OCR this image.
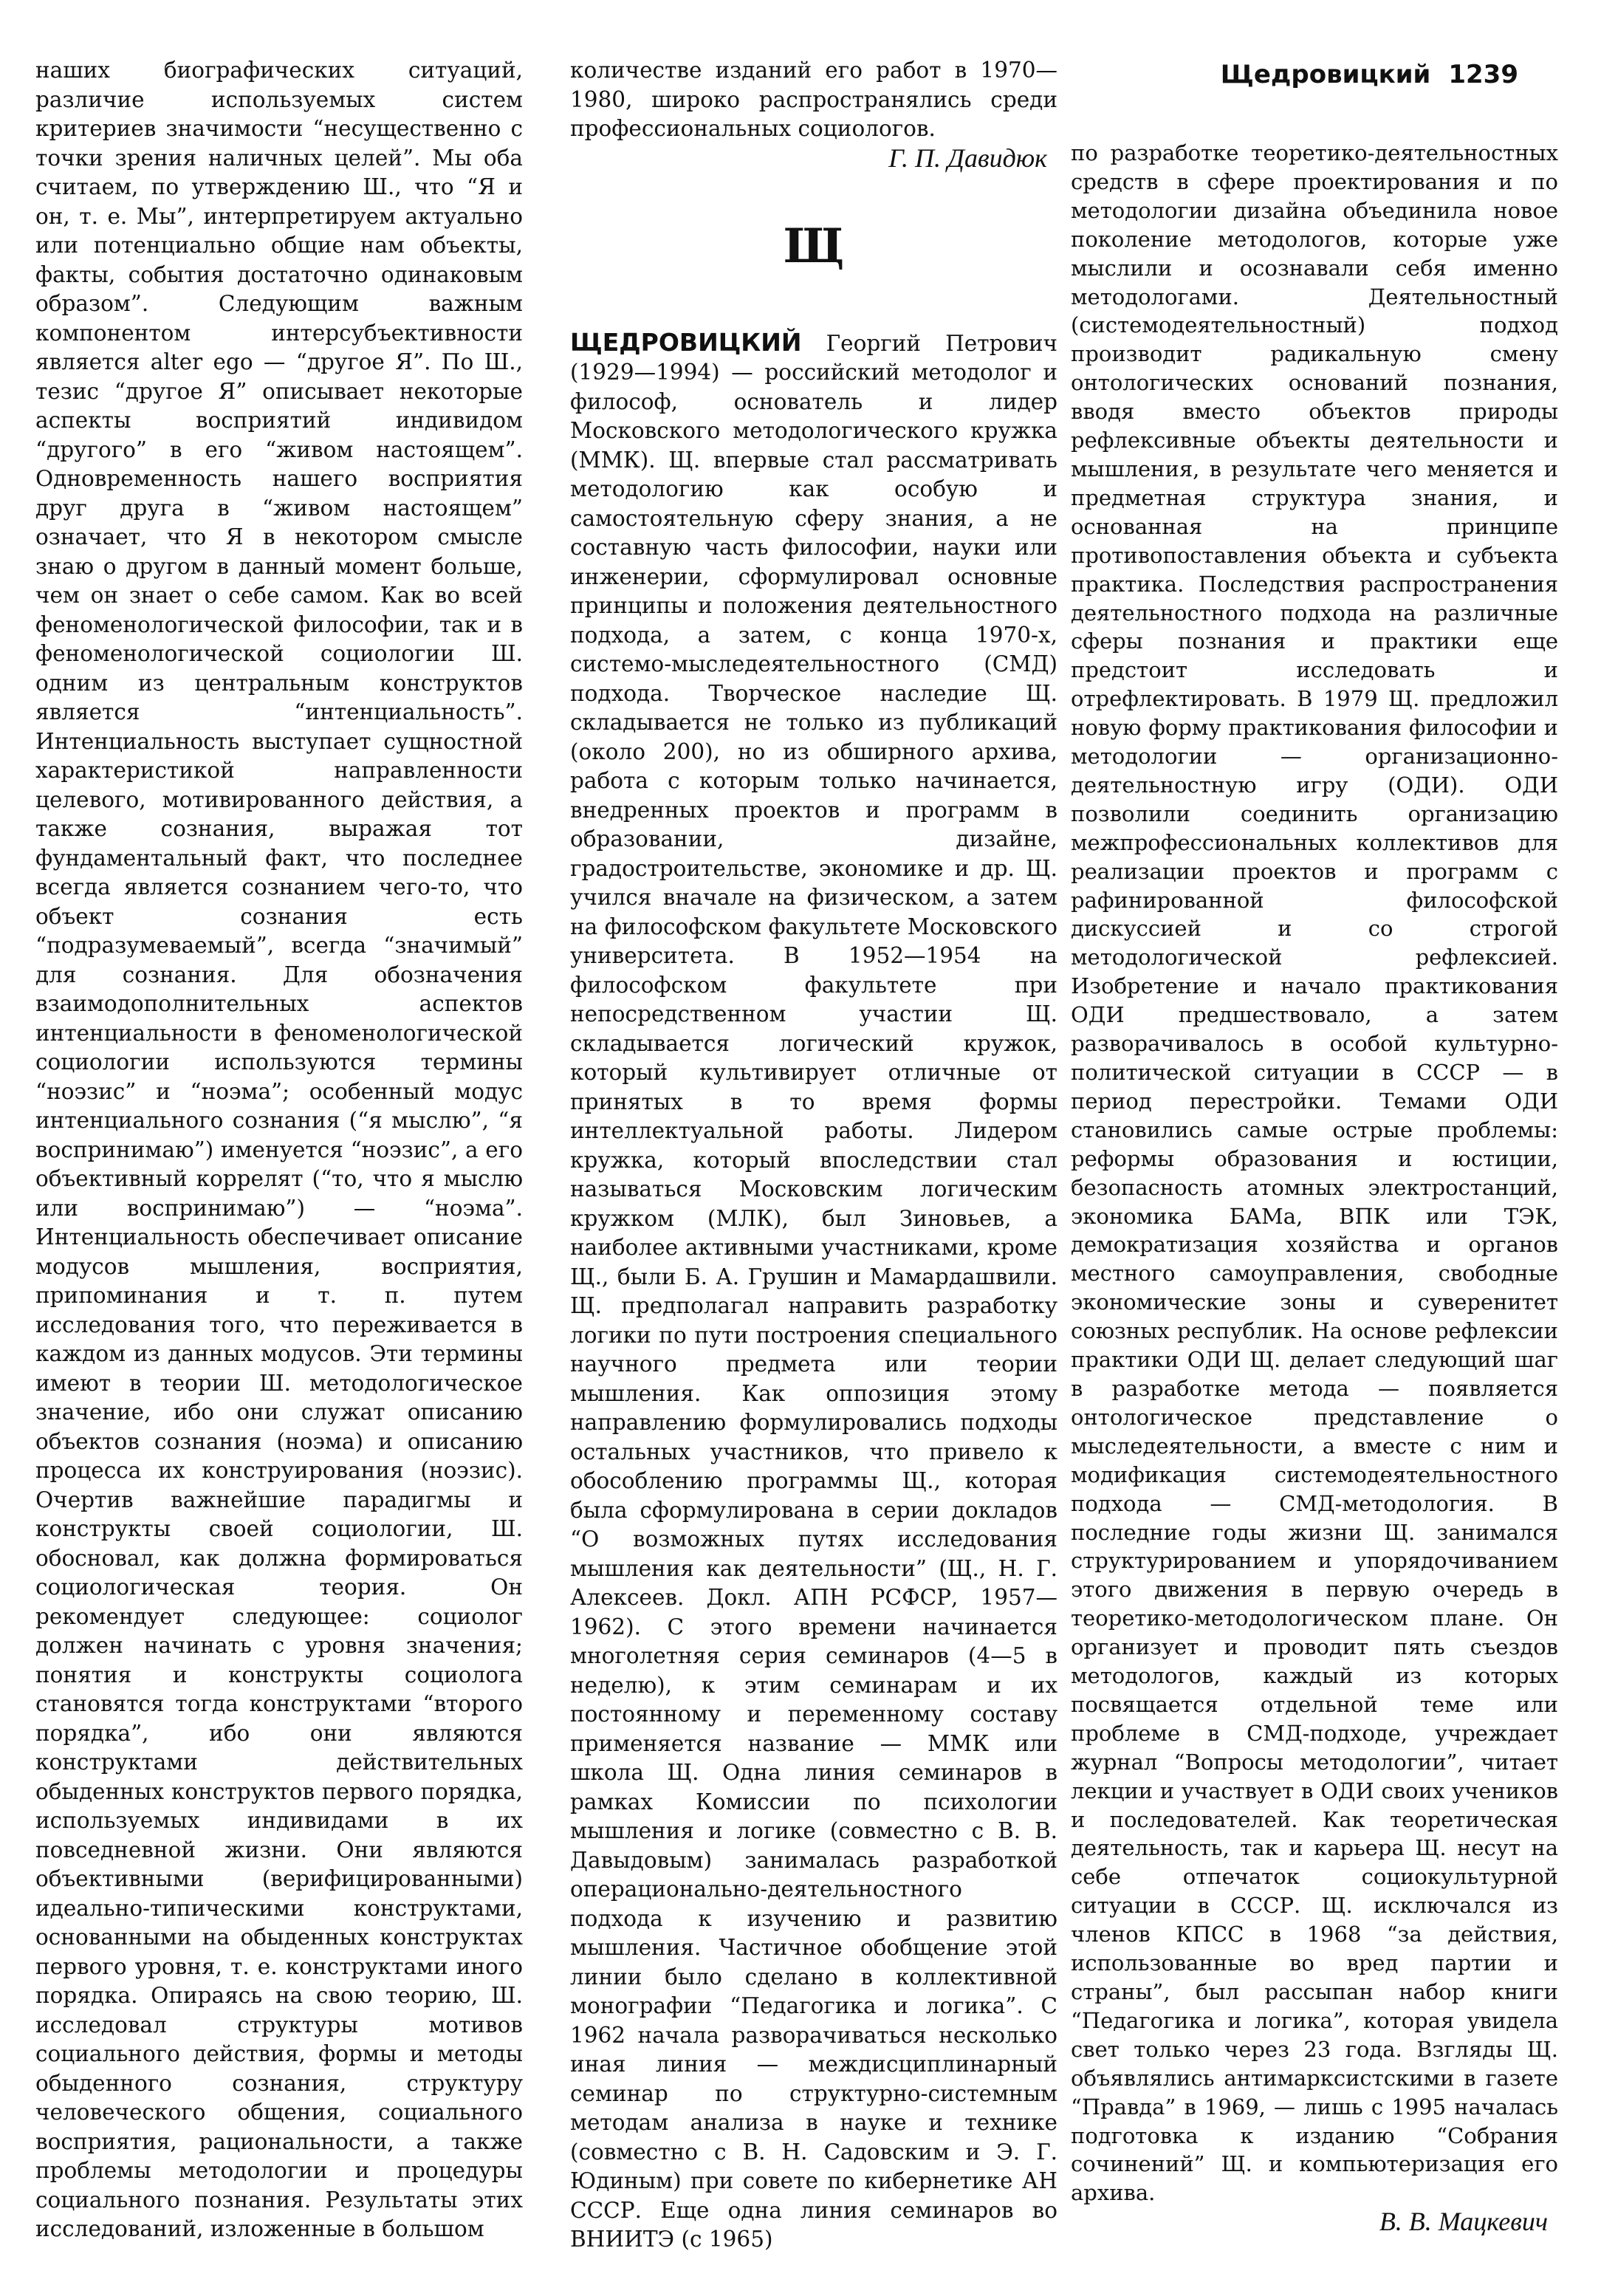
Щедровицкий 1239
наших биографических ситуаций, различие используемых систем критериев значимости “несущественно с точки зрения наличных целей”. Мы оба считаем, по утверждению Ш., что “Я и он, т. е. Мы”, интерпретируем актуально или потенциально общие нам объекты, факты, события достаточно одинаковым образом”. Следующим важным компонентом интерсубъективности является alter ego — “другое Я”. По Ш., тезис “другое Я” описывает некоторые аспекты восприятий индивидом “другого” в его “живом настоящем”. Одновременность нашего восприятия друг друга в “живом настоящем” означает, что Я в некотором смысле знаю о другом в данный момент больше, чем он знает о себе самом. Как во всей феноменологической философии, так и в феноменологической социологии Ш. одним из центральным конструктов является “интенциальность”. Интенциальность выступает сущностной характеристикой направленности целевого, мотивированного действия, а также сознания, выражая тот фундаментальный факт, что последнее всегда является сознанием чего-то, что объект сознания есть “подразумеваемый”, всегда “значимый” для сознания. Для обозначения взаимодополнительных аспектов интенциальности в феноменологической социологии используются термины “ноэзис” и “ноэма”; особенный модус интенциального сознания (“я мыслю”, “я воспринимаю”) именуется “ноэзис”, а его объективный коррелят (“то, что я мыслю или воспринимаю”) — “ноэма”. Интенциальность обеспечивает описание модусов мышления, восприятия, припоминания и т. п. путем исследования того, что переживается в каждом из данных модусов. Эти термины имеют в теории Ш. методологическое значение, ибо они служат описанию объектов сознания (ноэма) и описанию процесса их конструирования (ноэзис). Очертив важнейшие парадигмы и конструкты своей социологии, Ш. обосновал, как должна формироваться социологическая теория. Он рекомендует следующее: социолог должен начинать с уровня значения; понятия и конструкты социолога становятся тогда конструктами “второго порядка”, ибо они являются конструктами действительных обыденных конструктов первого порядка, используемых индивидами в их повседневной жизни. Они являются объективными (верифицированными) идеально-типическими конструктами, основанными на обыденных конструктах первого уровня, т. е. конструктами иного порядка. Опираясь на свою теорию, Ш. исследовал структуры мотивов социального действия, формы и методы обыденного сознания, структуру человеческого общения, социального восприятия, рациональности, а также проблемы методологии и процедуры социального познания. Результаты этих исследований, изложенные в большом
количестве изданий его работ в 1970—1980, широко распространялись среди профессиональных социологов.
Г. П. Давидюк
Щ
ЩЕДРОВИЦКИЙ Георгий Петрович (1929—1994) — российский методолог и философ, основатель и лидер Московского методологического кружка (ММК). Щ. впервые стал рассматривать методологию как особую и самостоятельную сферу знания, а не составную часть философии, науки или инженерии, сформулировал основные принципы и положения деятельностного подхода, а затем, с конца 1970-х, системо-мыследеятельностного (СМД) подхода. Творческое наследие Щ. складывается не только из публикаций (около 200), но из обширного архива, работа с которым только начинается, внедренных проектов и программ в образовании, дизайне, градостроительстве, экономике и др. Щ. учился вначале на физическом, а затем на философском факультете Московского университета. В 1952—1954 на философском факультете при непосредственном участии Щ. складывается логический кружок, который культивирует отличные от принятых в то время формы интеллектуальной работы. Лидером кружка, который впоследствии стал называться Московским логическим кружком (МЛК), был Зиновьев, а наиболее активными участниками, кроме Щ., были Б. А. Грушин и Мамардашвили. Щ. предполагал направить разработку логики по пути построения специального научного предмета или теории мышления. Как оппозиция этому направлению формулировались подходы остальных участников, что привело к обособлению программы Щ., которая была сформулирована в серии докладов “О возможных путях исследования мышления как деятельности” (Щ., Н. Г. Алексеев. Докл. АПН РСФСР, 1957—1962). С этого времени начинается многолетняя серия семинаров (4—5 в неделю), к этим семинарам и их постоянному и переменному составу применяется название — ММК или школа Щ. Одна линия семинаров в рамках Комиссии по психологии мышления и логике (совместно с В. В. Давыдовым) занималась разработкой операционально-деятельностного подхода к изучению и развитию мышления. Частичное обобщение этой линии было сделано в коллективной монографии “Педагогика и логика”. С 1962 начала разворачиваться несколько иная линия — междисциплинарный семинар по структурно-системным методам анализа в науке и технике (совместно с В. Н. Садовским и Э. Г. Юдиным) при совете по кибернетике АН СССР. Еще одна линия семинаров во ВНИИТЭ (с 1965)
по разработке теоретико-деятельностных средств в сфере проектирования и по методологии дизайна объединила новое поколение методологов, которые уже мыслили и осознавали себя именно методологами. Деятельностный (системодеятельностный) подход производит радикальную смену онтологических оснований познания, вводя вместо объектов природы рефлексивные объекты деятельности и мышления, в результате чего меняется и предметная структура знания, и основанная на принципе противопоставления объекта и субъекта практика. Последствия распространения деятельностного подхода на различные сферы познания и практики еще предстоит исследовать и отрефлектировать. В 1979 Щ. предложил новую форму практикования философии и методологии — организационно-деятельностную игру (ОДИ). ОДИ позволили соединить организацию межпрофессиональных коллективов для реализации проектов и программ с рафинированной философской дискуссией и со строгой методологической рефлексией. Изобретение и начало практикования ОДИ предшествовало, а затем разворачивалось в особой культурно-политической ситуации в СССР — в период перестройки. Темами ОДИ становились самые острые проблемы: реформы образования и юстиции, безопасность атомных электростанций, экономика БАМа, ВПК или ТЭК, демократизация хозяйства и органов местного самоуправления, свободные экономические зоны и суверенитет союзных республик. На основе рефлексии практики ОДИ Щ. делает следующий шаг в разработке метода — появляется онтологическое представление о мыследеятельности, а вместе с ним и модификация системодеятельностного подхода — СМД-методология. В последние годы жизни Щ. занимался структурированием и упорядочиванием этого движения в первую очередь в теоретико-методологическом плане. Он организует и проводит пять съездов методологов, каждый из которых посвящается отдельной теме или проблеме в СМД-подходе, учреждает журнал “Вопросы методологии”, читает лекции и участвует в ОДИ своих учеников и последователей. Как теоретическая деятельность, так и карьера Щ. несут на себе отпечаток социокультурной ситуации в СССР. Щ. исключался из членов КПСС в 1968 “за действия, использованные во вред партии и страны”, был рассыпан набор книги “Педагогика и логика”, которая увидела свет только через 23 года. Взгляды Щ. объявлялись антимарксистскими в газете “Правда” в 1969, — лишь с 1995 началась подготовка к изданию “Собрания сочинений” Щ. и компьютеризация его архива.
В. В. Мацкевич
